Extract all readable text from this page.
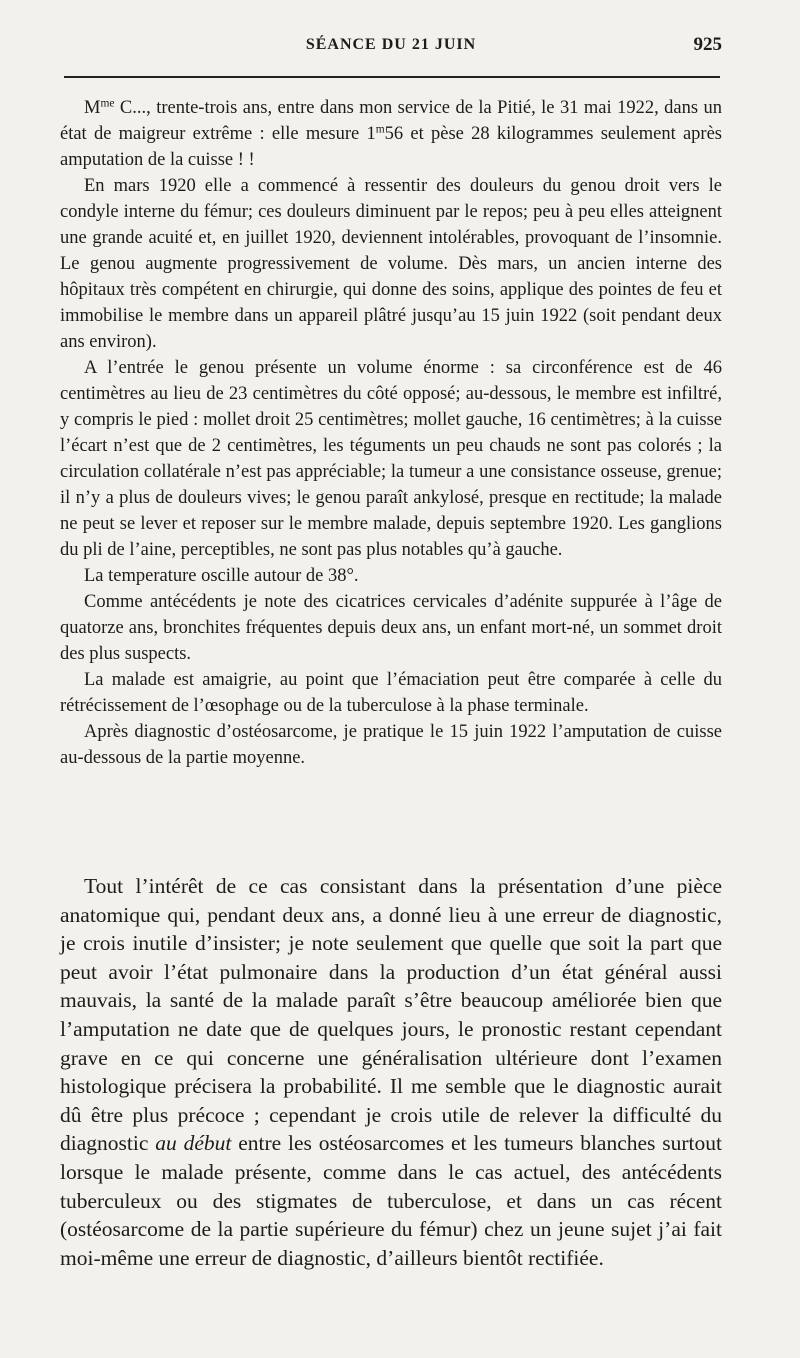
SÉANCE DU 21 JUIN	925

$M^{me}$ C..., trente-trois ans, entre dans mon service de la Pitié, le 31 mai 1922, dans un état de maigreur extrême : elle mesure 1$^m$56 et pèse 28 kilogrammes seulement après amputation de la cuisse ! !

En mars 1920 elle a commencé à ressentir des douleurs du genou droit vers le condyle interne du fémur; ces douleurs diminuent par le repos; peu à peu elles atteignent une grande acuité et, en juillet 1920, deviennent intolérables, provoquant de l’insomnie. Le genou augmente progressivement de volume. Dès mars, un ancien interne des hôpitaux très compétent en chirurgie, qui donne des soins, applique des pointes de feu et immobilise le membre dans un appareil plâtré jusqu’au 15 juin 1922 (soit pendant deux ans environ).

A l’entrée le genou présente un volume énorme : sa circonférence est de 46 centimètres au lieu de 23 centimètres du côté opposé; au-dessous, le membre est infiltré, y compris le pied : mollet droit 25 centimètres; mollet gauche, 16 centimètres; à la cuisse l’écart n’est que de 2 centimètres, les téguments un peu chauds ne sont pas colorés ; la circulation collatérale n’est pas appréciable; la tumeur a une consistance osseuse, grenue; il n’y a plus de douleurs vives; le genou paraît ankylosé, presque en rectitude; la malade ne peut se lever et reposer sur le membre malade, depuis septembre 1920. Les ganglions du pli de l’aine, perceptibles, ne sont pas plus notables qu’à gauche.

La temperature oscille autour de 38°.

Comme antécédents je note des cicatrices cervicales d’adénite suppurée à l’âge de quatorze ans, bronchites fréquentes depuis deux ans, un enfant mort-né, un sommet droit des plus suspects.

La malade est amaigrie, au point que l’émaciation peut être comparée à celle du rétrécissement de l’œsophage ou de la tuberculose à la phase terminale.

Après diagnostic d’ostéosarcome, je pratique le 15 juin 1922 l’amputation de cuisse au-dessous de la partie moyenne.

Tout l’intérêt de ce cas consistant dans la présentation d’une pièce anatomique qui, pendant deux ans, a donné lieu à une erreur de diagnostic, je crois inutile d’insister; je note seulement que quelle que soit la part que peut avoir l’état pulmonaire dans la production d’un état général aussi mauvais, la santé de la malade paraît s’être beaucoup améliorée bien que l’amputation ne date que de quelques jours, le pronostic restant cependant grave en ce qui concerne une généralisation ultérieure dont l’examen histologique précisera la probabilité. Il me semble que le diagnostic aurait dû être plus précoce ; cependant je crois utile de relever la difficulté du diagnostic au début entre les ostéosarcomes et les tumeurs blanches surtout lorsque le malade présente, comme dans le cas actuel, des antécédents tuberculeux ou des stigmates de tuberculose, et dans un cas récent (ostéosarcome de la partie supérieure du fémur) chez un jeune sujet j’ai fait moi-même une erreur de diagnostic, d’ailleurs bientôt rectifiée.
